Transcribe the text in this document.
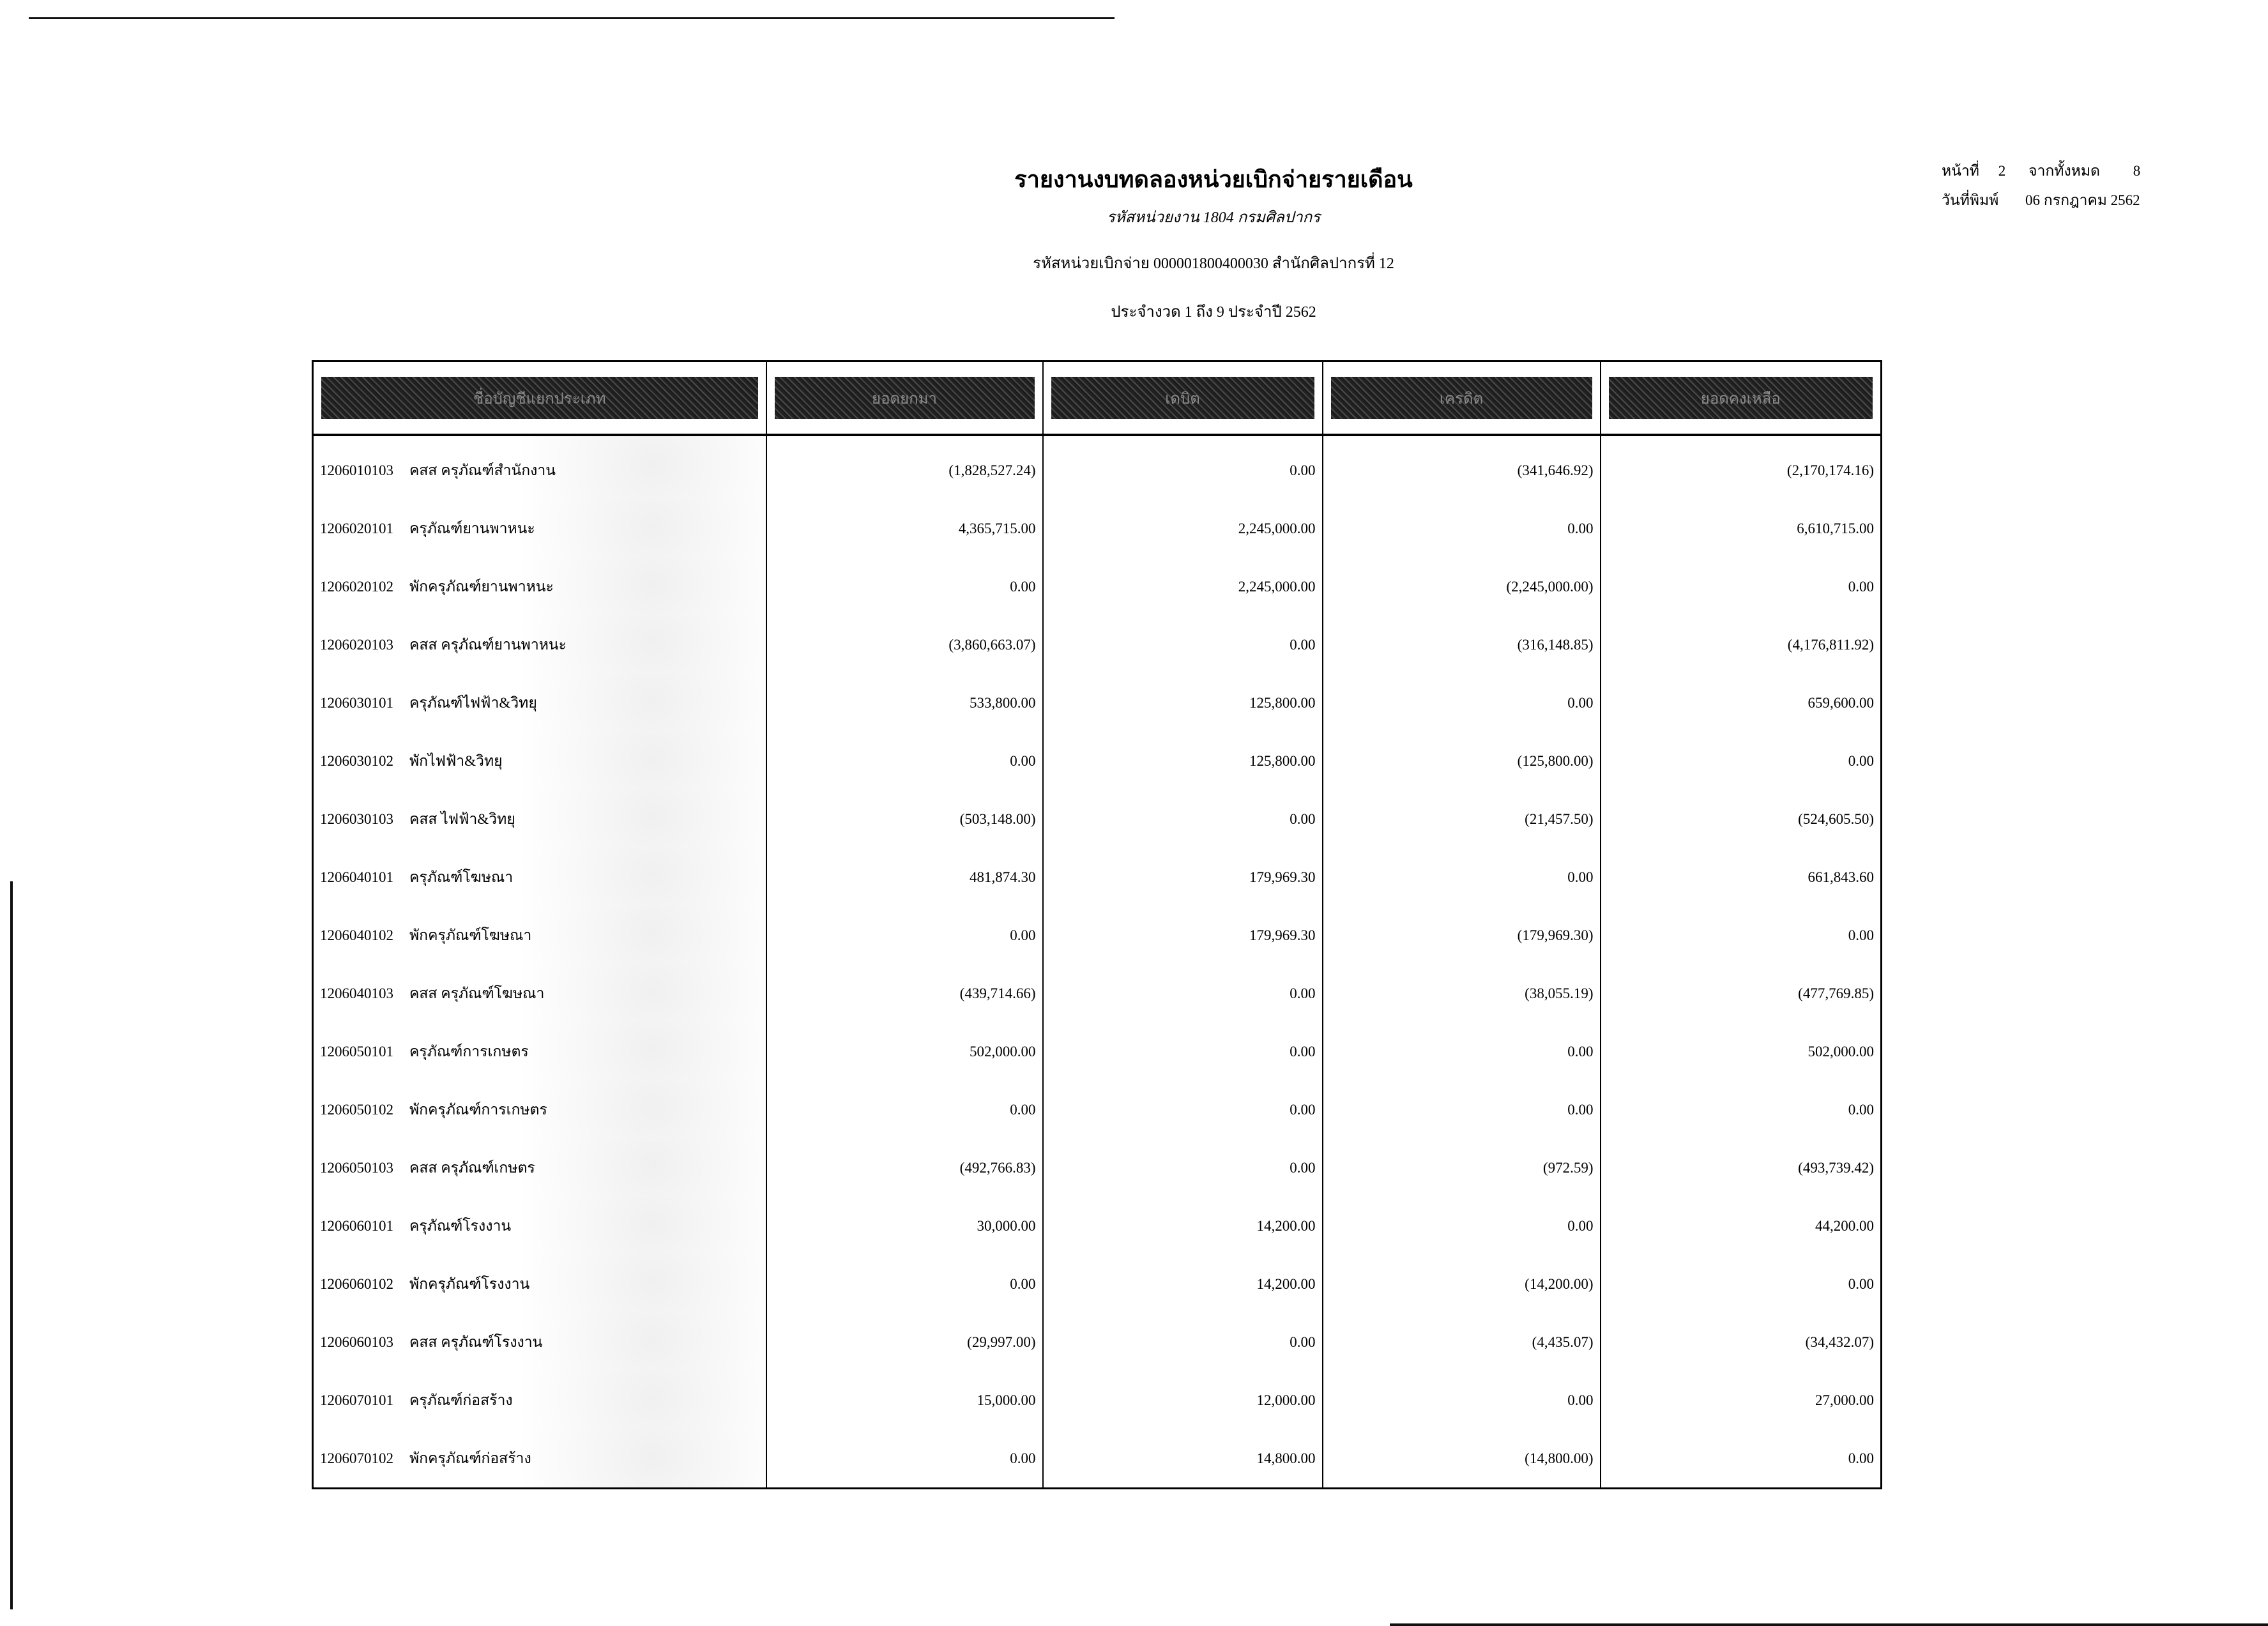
รายงานงบทดลองหน่วยเบิกจ่ายรายเดือน
รหัสหน่วยงาน 1804 กรมศิลปากร
รหัสหน่วยเบิกจ่าย 000001800400030 สำนักศิลปากรที่ 12
ประจำงวด 1 ถึง 9 ประจำปี 2562
หน้าที่ 2 จากทั้งหมด 8
วันที่พิมพ์ 06 กรกฎาคม 2562
ชื่อบัญชีแยกประเภท	ยอดยกมา	เดบิต	เครดิต	ยอดคงเหลือ

1206010103 คสส ครุภัณฑ์สำนักงาน	(1,828,527.24)	0.00	(341,646.92)	(2,170,174.16)
1206020101 ครุภัณฑ์ยานพาหนะ	4,365,715.00	2,245,000.00	0.00	6,610,715.00
1206020102 พักครุภัณฑ์ยานพาหนะ	0.00	2,245,000.00	(2,245,000.00)	0.00
1206020103 คสส ครุภัณฑ์ยานพาหนะ	(3,860,663.07)	0.00	(316,148.85)	(4,176,811.92)
1206030101 ครุภัณฑ์ไฟฟ้า&วิทยุ	533,800.00	125,800.00	0.00	659,600.00
1206030102 พักไฟฟ้า&วิทยุ	0.00	125,800.00	(125,800.00)	0.00
1206030103 คสส ไฟฟ้า&วิทยุ	(503,148.00)	0.00	(21,457.50)	(524,605.50)
1206040101 ครุภัณฑ์โฆษณา	481,874.30	179,969.30	0.00	661,843.60
1206040102 พักครุภัณฑ์โฆษณา	0.00	179,969.30	(179,969.30)	0.00
1206040103 คสส ครุภัณฑ์โฆษณา	(439,714.66)	0.00	(38,055.19)	(477,769.85)
1206050101 ครุภัณฑ์การเกษตร	502,000.00	0.00	0.00	502,000.00
1206050102 พักครุภัณฑ์การเกษตร	0.00	0.00	0.00	0.00
1206050103 คสส ครุภัณฑ์เกษตร	(492,766.83)	0.00	(972.59)	(493,739.42)
1206060101 ครุภัณฑ์โรงงาน	30,000.00	14,200.00	0.00	44,200.00
1206060102 พักครุภัณฑ์โรงงาน	0.00	14,200.00	(14,200.00)	0.00
1206060103 คสส ครุภัณฑ์โรงงาน	(29,997.00)	0.00	(4,435.07)	(34,432.07)
1206070101 ครุภัณฑ์ก่อสร้าง	15,000.00	12,000.00	0.00	27,000.00
1206070102 พักครุภัณฑ์ก่อสร้าง	0.00	14,800.00	(14,800.00)	0.00
